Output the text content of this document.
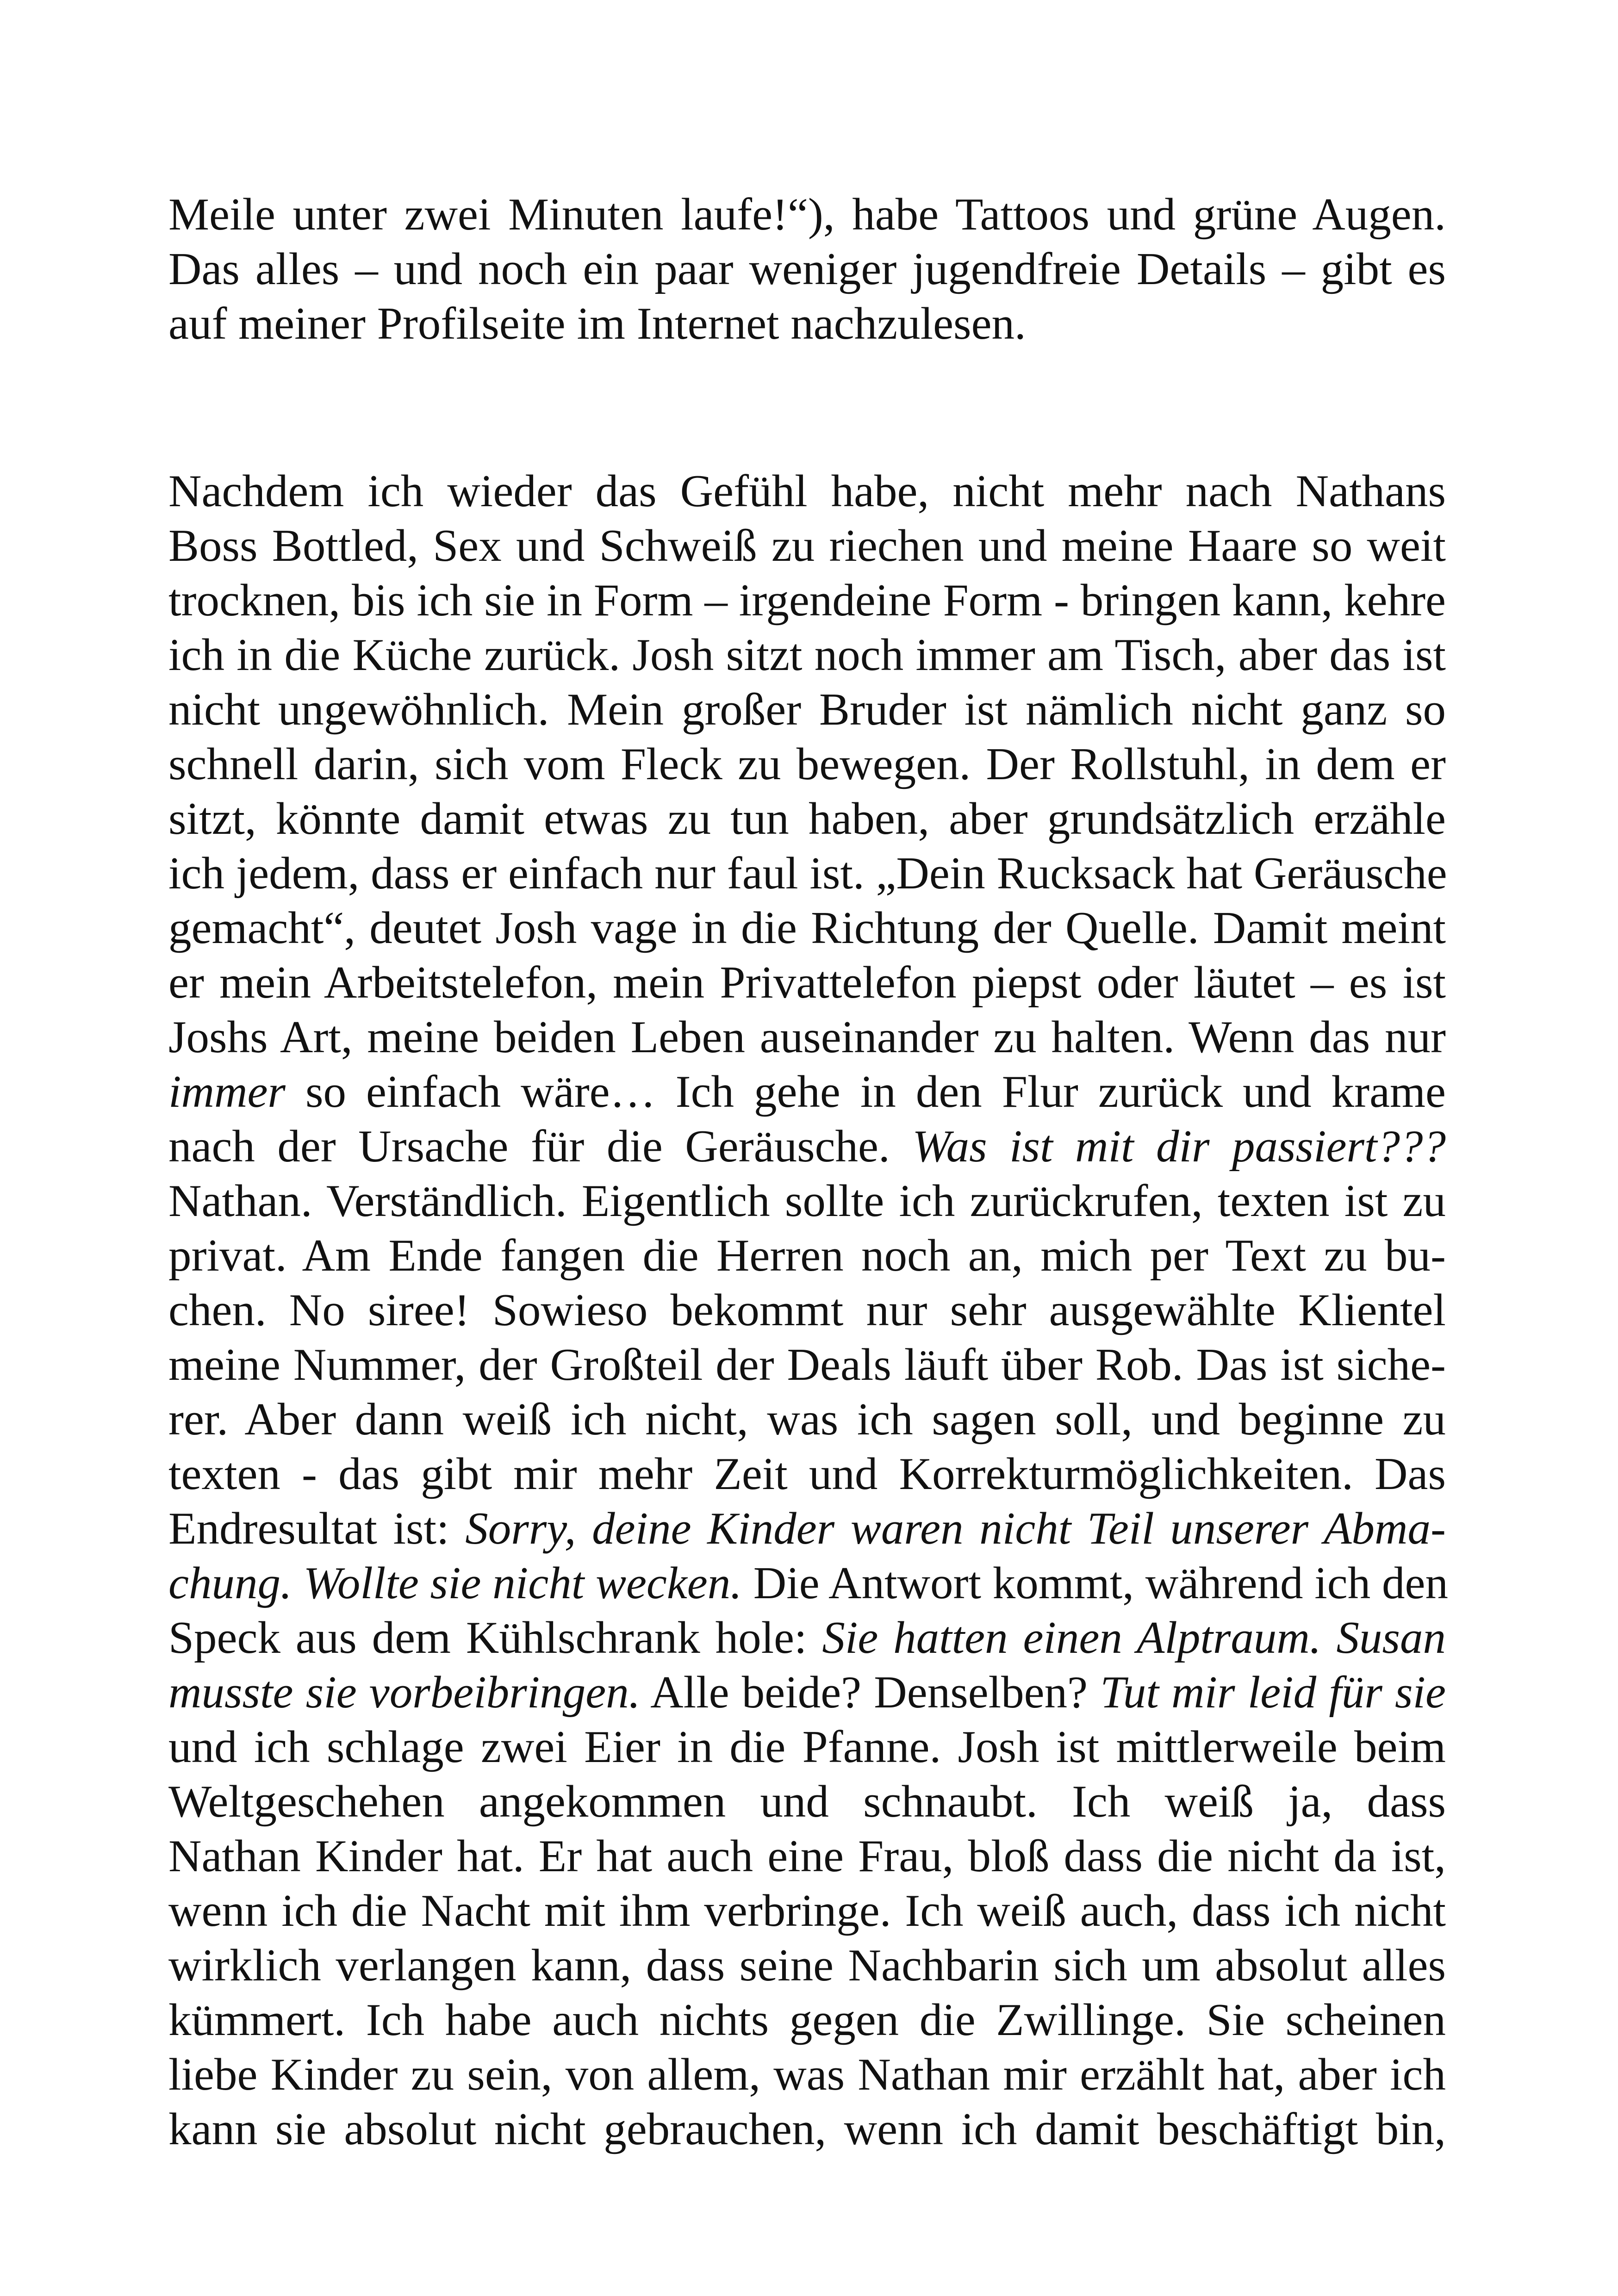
Meile unter zwei Minuten laufe!“), habe Tattoos und grüne Augen.
Das alles – und noch ein paar weniger jugendfreie Details – gibt es
auf meiner Profilseite im Internet nachzulesen.
Nachdem ich wieder das Gefühl habe, nicht mehr nach Nathans
Boss Bottled, Sex und Schweiß zu riechen und meine Haare so weit
trocknen, bis ich sie in Form – irgendeine Form - bringen kann, kehre
ich in die Küche zurück. Josh sitzt noch immer am Tisch, aber das ist
nicht ungewöhnlich. Mein großer Bruder ist nämlich nicht ganz so
schnell darin, sich vom Fleck zu bewegen. Der Rollstuhl, in dem er
sitzt, könnte damit etwas zu tun haben, aber grundsätzlich erzähle
ich jedem, dass er einfach nur faul ist. „Dein Rucksack hat Geräusche
gemacht“, deutet Josh vage in die Richtung der Quelle. Damit meint
er mein Arbeitstelefon, mein Privattelefon piepst oder läutet – es ist
Joshs Art, meine beiden Leben auseinander zu halten. Wenn das nur
immer so einfach wäre… Ich gehe in den Flur zurück und krame
nach der Ursache für die Geräusche. Was ist mit dir passiert???
Nathan. Verständlich. Eigentlich sollte ich zurückrufen, texten ist zu
privat. Am Ende fangen die Herren noch an, mich per Text zu bu-
chen. No siree! Sowieso bekommt nur sehr ausgewählte Klientel
meine Nummer, der Großteil der Deals läuft über Rob. Das ist siche-
rer. Aber dann weiß ich nicht, was ich sagen soll, und beginne zu
texten - das gibt mir mehr Zeit und Korrekturmöglichkeiten. Das
Endresultat ist: Sorry, deine Kinder waren nicht Teil unserer Abma-
chung. Wollte sie nicht wecken. Die Antwort kommt, während ich den
Speck aus dem Kühlschrank hole: Sie hatten einen Alptraum. Susan
musste sie vorbeibringen. Alle beide? Denselben? Tut mir leid für sie
und ich schlage zwei Eier in die Pfanne. Josh ist mittlerweile beim
Weltgeschehen angekommen und schnaubt. Ich weiß ja, dass
Nathan Kinder hat. Er hat auch eine Frau, bloß dass die nicht da ist,
wenn ich die Nacht mit ihm verbringe. Ich weiß auch, dass ich nicht
wirklich verlangen kann, dass seine Nachbarin sich um absolut alles
kümmert. Ich habe auch nichts gegen die Zwillinge. Sie scheinen
liebe Kinder zu sein, von allem, was Nathan mir erzählt hat, aber ich
kann sie absolut nicht gebrauchen, wenn ich damit beschäftigt bin,
